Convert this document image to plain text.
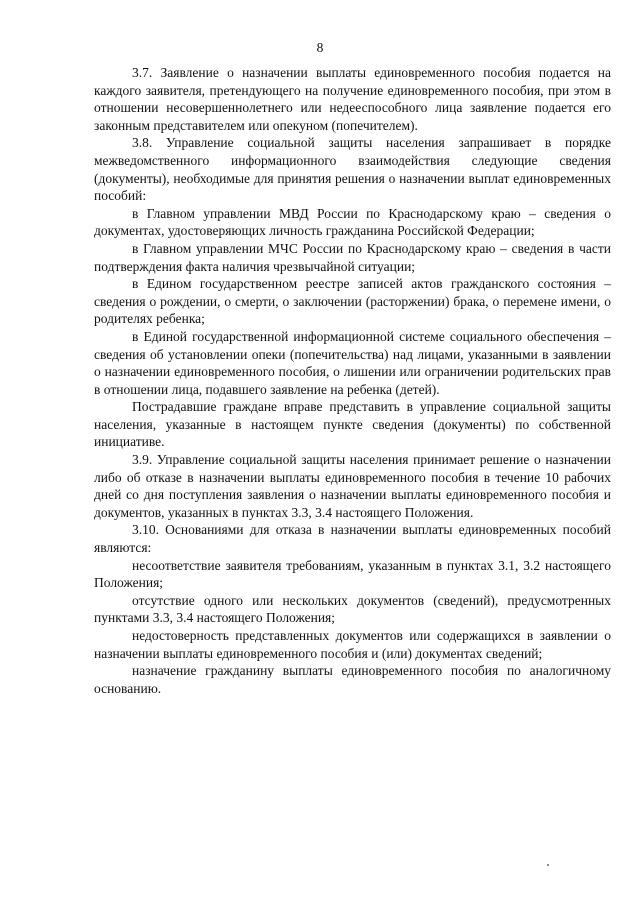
8

3.7. Заявление о назначении выплаты единовременного пособия подается на каждого заявителя, претендующего на получение единовременного пособия, при этом в отношении несовершеннолетнего или недееспособного лица заявление подается его законным представителем или опекуном (попечителем).

3.8. Управление социальной защиты населения запрашивает в порядке межведомственного информационного взаимодействия следующие сведения (документы), необходимые для принятия решения о назначении выплат единовременных пособий:

в Главном управлении МВД России по Краснодарскому краю – сведения о документах, удостоверяющих личность гражданина Российской Федерации;

в Главном управлении МЧС России по Краснодарскому краю – сведения в части подтверждения факта наличия чрезвычайной ситуации;

в Едином государственном реестре записей актов гражданского состояния – сведения о рождении, о смерти, о заключении (расторжении) брака, о перемене имени, о родителях ребенка;

в Единой государственной информационной системе социального обеспечения – сведения об установлении опеки (попечительства) над лицами, указанными в заявлении о назначении единовременного пособия, о лишении или ограничении родительских прав в отношении лица, подавшего заявление на ребенка (детей).

Пострадавшие граждане вправе представить в управление социальной защиты населения, указанные в настоящем пункте сведения (документы) по собственной инициативе.

3.9. Управление социальной защиты населения принимает решение о назначении либо об отказе в назначении выплаты единовременного пособия в течение 10 рабочих дней со дня поступления заявления о назначении выплаты единовременного пособия и документов, указанных в пунктах 3.3, 3.4 настоящего Положения.

3.10. Основаниями для отказа в назначении выплаты единовременных пособий являются:

несоответствие заявителя требованиям, указанным в пунктах 3.1, 3.2 настоящего Положения;

отсутствие одного или нескольких документов (сведений), предусмотренных пунктами 3.3, 3.4 настоящего Положения;

недостоверность представленных документов или содержащихся в заявлении о назначении выплаты единовременного пособия и (или) документах сведений;

назначение гражданину выплаты единовременного пособия по аналогичному основанию.
